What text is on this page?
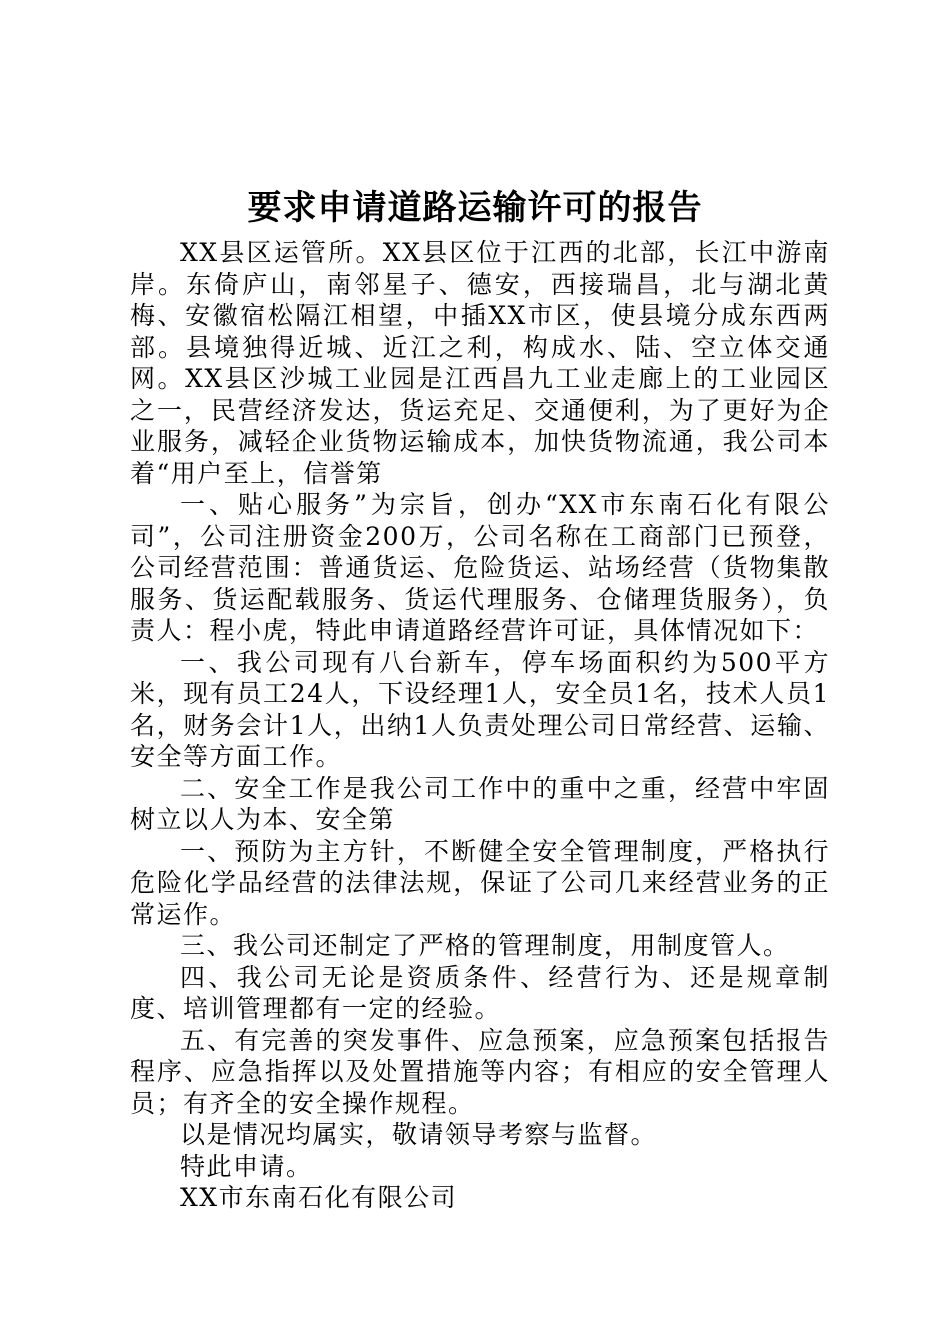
要求申请道路运输许可的报告

XX县区运管所。XX县区位于江西的北部，长江中游南岸。东倚庐山，南邻星子、德安，西接瑞昌，北与湖北黄梅、安徽宿松隔江相望，中插XX市区，使县境分成东西两部。县境独得近城、近江之利，构成水、陆、空立体交通网。XX县区沙城工业园是江西昌九工业走廊上的工业园区之一，民营经济发达，货运充足、交通便利，为了更好为企业服务，减轻企业货物运输成本，加快货物流通，我公司本着“用户至上，信誉第

一、贴心服务”为宗旨，创办“XX市东南石化有限公司”，公司注册资金200万，公司名称在工商部门已预登，公司经营范围：普通货运、危险货运、站场经营（货物集散服务、货运配载服务、货运代理服务、仓储理货服务），负责人：程小虎，特此申请道路经营许可证，具体情况如下：

一、我公司现有八台新车，停车场面积约为500平方米，现有员工24人，下设经理1人，安全员1名，技术人员1名，财务会计1人，出纳1人负责处理公司日常经营、运输、安全等方面工作。

二、安全工作是我公司工作中的重中之重，经营中牢固树立以人为本、安全第

一、预防为主方针，不断健全安全管理制度，严格执行危险化学品经营的法律法规，保证了公司几来经营业务的正常运作。

三、我公司还制定了严格的管理制度，用制度管人。

四、我公司无论是资质条件、经营行为、还是规章制度、培训管理都有一定的经验。

五、有完善的突发事件、应急预案，应急预案包括报告程序、应急指挥以及处置措施等内容；有相应的安全管理人员；有齐全的安全操作规程。

以是情况均属实，敬请领导考察与监督。

特此申请。

XX市东南石化有限公司
